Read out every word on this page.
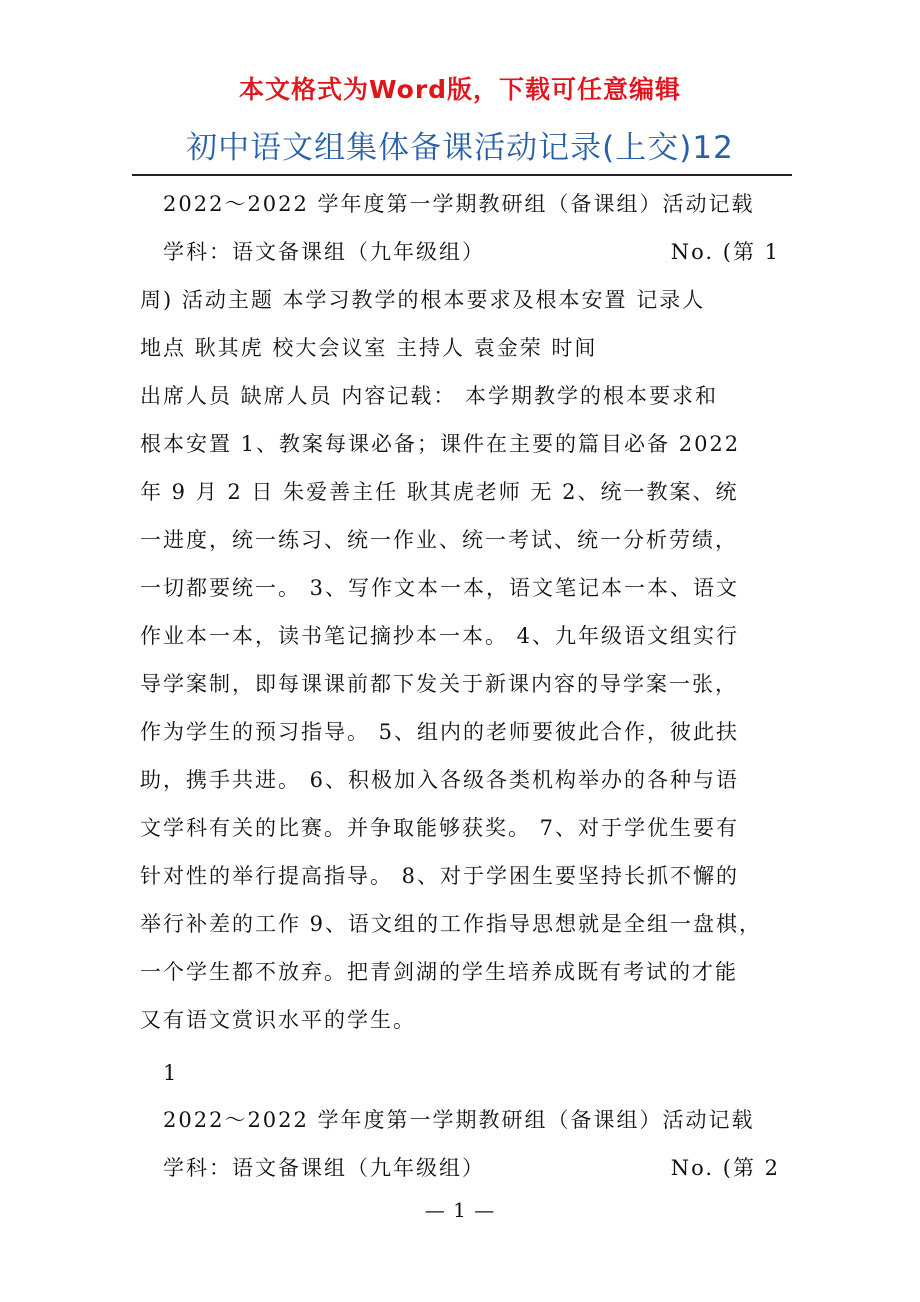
本文格式为Word版，下载可任意编辑
初中语文组集体备课活动记录(上交)12
2022～2022 学年度第一学期教研组（备课组）活动记载
学科：语文备课组（九年级组）	No. (第 1
周) 活动主题 本学习教学的根本要求及根本安置 记录人
地点 耿其虎 校大会议室 主持人 袁金荣 时间
出席人员 缺席人员 内容记载： 本学期教学的根本要求和
根本安置 1、教案每课必备；课件在主要的篇目必备 2022
年 9 月 2 日 朱爱善主任 耿其虎老师 无 2、统一教案、统
一进度，统一练习、统一作业、统一考试、统一分析劳绩，
一切都要统一。 3、写作文本一本，语文笔记本一本、语文
作业本一本，读书笔记摘抄本一本。 4、九年级语文组实行
导学案制，即每课课前都下发关于新课内容的导学案一张，
作为学生的预习指导。 5、组内的老师要彼此合作，彼此扶
助，携手共进。 6、积极加入各级各类机构举办的各种与语
文学科有关的比赛。并争取能够获奖。 7、对于学优生要有
针对性的举行提高指导。 8、对于学困生要坚持长抓不懈的
举行补差的工作 9、语文组的工作指导思想就是全组一盘棋，
一个学生都不放弃。把青剑湖的学生培养成既有考试的才能
又有语文赏识水平的学生。
1
2022～2022 学年度第一学期教研组（备课组）活动记载
学科：语文备课组（九年级组）	No. (第 2
— 1 —
